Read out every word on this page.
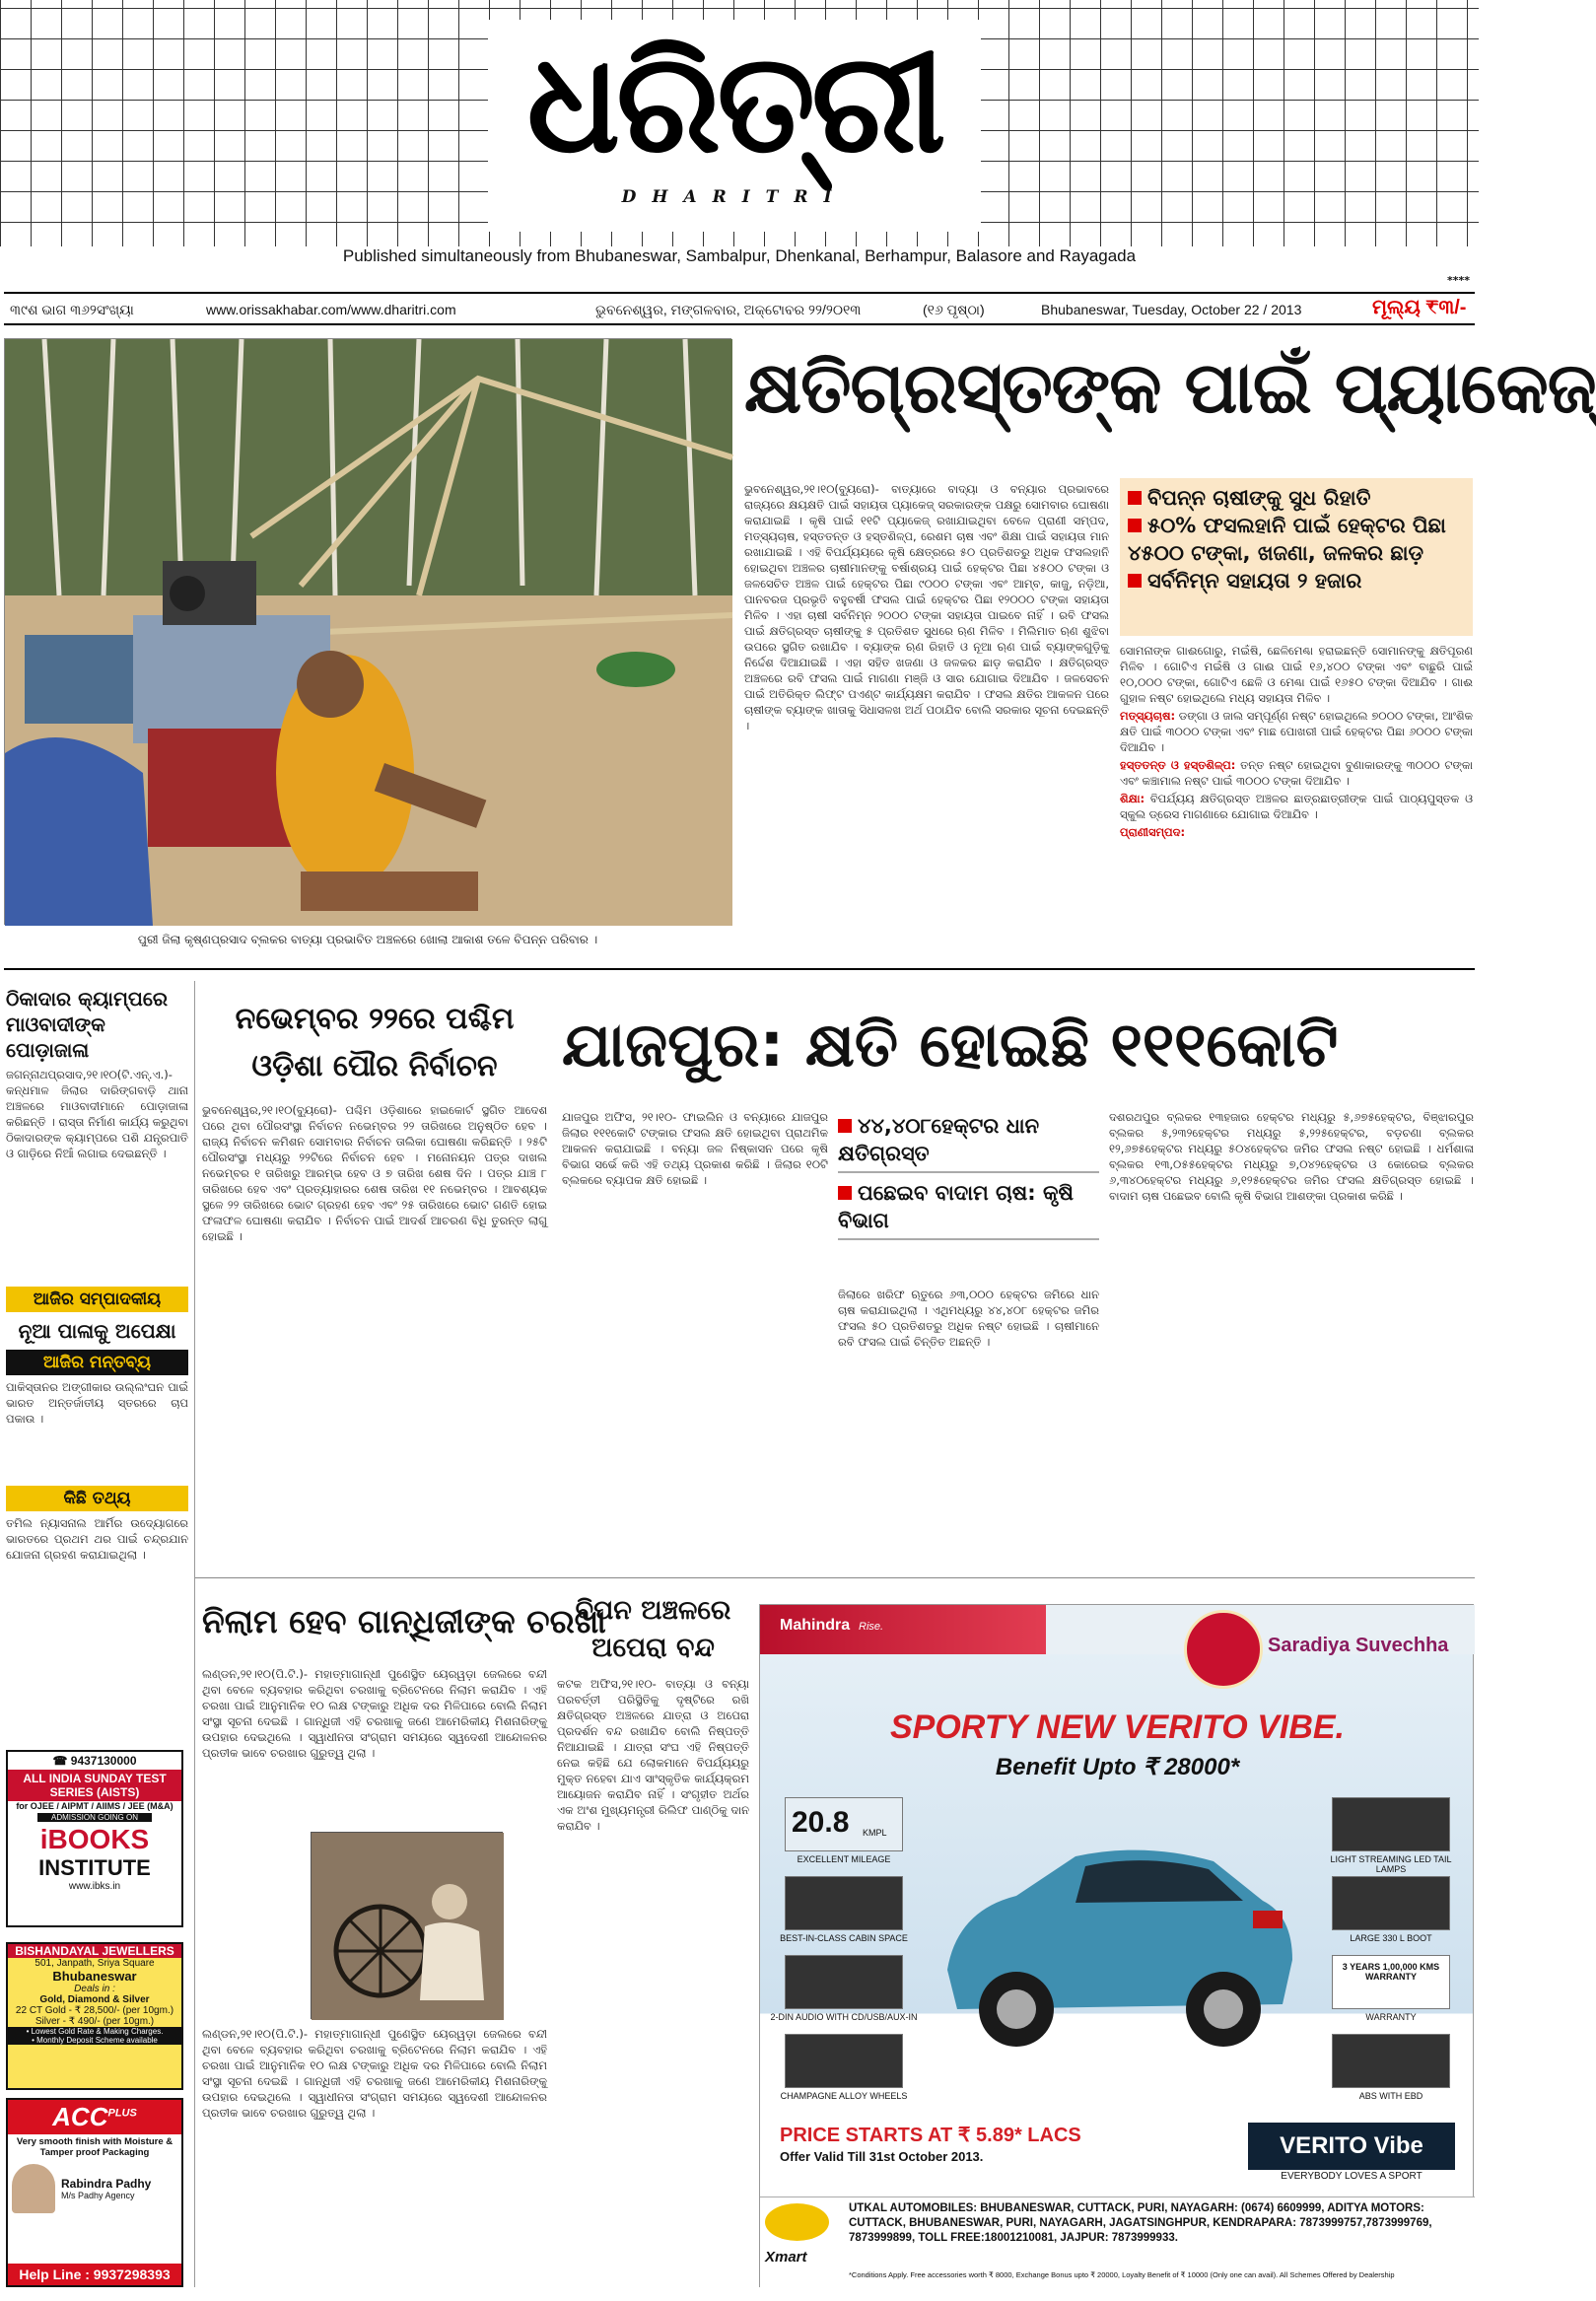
ଧରିତ୍ରୀ
DHARITRI
Published simultaneously from Bhubaneswar, Sambalpur, Dhenkanal, Berhampur, Balasore and Rayagada
****
୩୯ଶ ଭାଗ ୩୬୨ସଂଖ୍ୟା	www.orissakhabar.com/www.dharitri.com	ଭୁବନେଶ୍ୱର, ମଙ୍ଗଳବାର, ଅକ୍ଟୋବର ୨୨/୨୦୧୩	(୧୬ ପୃଷ୍ଠା)	Bhubaneswar, Tuesday, October 22 / 2013	ମୂଲ୍ୟ ₹୩/-
ପୁରୀ ଜିଲା କୃଷ୍ଣପ୍ରସାଦ ବ୍ଲକର ବାତ୍ୟା ପ୍ରଭାବିତ ଅଞ୍ଚଳରେ ଖୋଲା ଆକାଶ ତଳେ ବିପନ୍ନ ପରିବାର ।
କ୍ଷତିଗ୍ରସ୍ତଙ୍କ ପାଇଁ ପ୍ୟାକେଜ୍

ଭୁବନେଶ୍ୱର,୨୧।୧୦(ବ୍ୟୁରୋ)- ବାତ୍ୟାରେ ବାଦ୍ୟା ଓ ବନ୍ୟାର ପ୍ରଭାବରେ ରାଜ୍ୟରେ କ୍ଷୟକ୍ଷତି ପାଇଁ ସହାୟତା ପ୍ୟାକେଜ୍ ସରକାରଙ୍କ ପକ୍ଷରୁ ସୋମବାର ଘୋଷଣା କରାଯାଇଛି । କୃଷି ପାଇଁ ୧୧ଟି ପ୍ୟାକେଜ୍ ରଖାଯାଇଥିବା ବେଳେ ପ୍ରାଣୀ ସମ୍ପଦ, ମତ୍ସ୍ୟଚାଷ, ହସ୍ତତନ୍ତ ଓ ହସ୍ତଶିଳ୍ପ, ରେଶମ ଚାଷ ଏବଂ ଶିକ୍ଷା ପାଇଁ ସହାୟତା ମାନ ରଖାଯାଇଛି । ଏହି ବିପର୍ଯ୍ୟୟରେ କୃଷି କ୍ଷେତ୍ରରେ ୫୦ ପ୍ରତିଶତରୁ ଅଧିକ ଫସଲହାନି ହୋଇଥିବା ଅଞ୍ଚଳର ଚାଷୀମାନଙ୍କୁ ବର୍ଷାଶ୍ରୟ ପାଇଁ ହେକ୍ଟର ପିଛା ୪୫୦୦ ଟଙ୍କା ଓ ଜଳସେଚିତ ଅଞ୍ଚଳ ପାଇଁ ହେକ୍ଟର ପିଛା ୯୦୦୦ ଟଙ୍କା ଏବଂ ଆମ୍ବ, କାଜୁ, ନଡ଼ିଆ, ପାନବରଜ ପ୍ରଭୃତି ବହୁବର୍ଷୀ ଫସଲ ପାଇଁ ହେକ୍ଟର ପିଛା ୧୨୦୦୦ ଟଙ୍କା ସହାୟତା ମିଳିବ । ଏହା ଚାଷୀ ସର୍ବନିମ୍ନ ୨୦୦୦ ଟଙ୍କା ସହାୟତା ପାଇବେ ନାହିଁ । ରବି ଫସଲ ପାଇଁ କ୍ଷତିଗ୍ରସ୍ତ ଚାଷୀଙ୍କୁ ୫ ପ୍ରତିଶତ ସୁଧରେ ଋଣ ମିଳିବ । ମିଲିମାତ ଋଣ ଶୁଝିବା ଉପରେ ସ୍ଥଗିତ ରଖାଯିବ । ବ୍ୟାଙ୍କ ଋଣ ରିହାତି ଓ ନୂଆ ଋଣ ପାଇଁ ବ୍ୟାଙ୍କଗୁଡ଼ିକୁ ନିର୍ଦ୍ଦେଶ ଦିଆଯାଇଛି । ଏହା ସହିତ ଖଜଣା ଓ ଜଳକର ଛାଡ଼ କରାଯିବ । କ୍ଷତିଗ୍ରସ୍ତ ଅଞ୍ଚଳରେ ରବି ଫସଲ ପାଇଁ ମାଗଣା ମଞ୍ଜି ଓ ସାର ଯୋଗାଇ ଦିଆଯିବ । ଜଳସେଚନ ପାଇଁ ଅତିରିକ୍ତ ଲିଫ୍ଟ ପଏଣ୍ଟ କାର୍ଯ୍ୟକ୍ଷମ କରାଯିବ । ଫସଲ କ୍ଷତିର ଆକଳନ ପରେ ଚାଷୀଙ୍କ ବ୍ୟାଙ୍କ ଖାତାକୁ ସିଧାସଳଖ ଅର୍ଥ ପଠାଯିବ ବୋଲି ସରକାର ସୂଚନା ଦେଇଛନ୍ତି ।

ବିପନ୍ନ ଚାଷୀଙ୍କୁ ସୁଧ ରିହାତି
୫୦% ଫସଲହାନି ପାଇଁ ହେକ୍ଟର ପିଛା ୪୫୦୦ ଟଙ୍କା, ଖଜଣା, ଜଳକର ଛାଡ଼
ସର୍ବନିମ୍ନ ସହାୟତା ୨ ହଜାର

ସୋମନାଙ୍କ ଗାଈଗୋରୁ, ମଇଁଷି, ଛେଳିମେଣ୍ଢା ହରାଇଛନ୍ତି ସୋମାନଙ୍କୁ କ୍ଷତିପୂରଣ ମିଳିବ । ଗୋଟିଏ ମଇଁଷି ଓ ଗାଈ ପାଇଁ ୧୬,୪୦୦ ଟଙ୍କା ଏବଂ ବାଛୁରି ପାଇଁ ୧୦,୦୦୦ ଟଙ୍କା, ଗୋଟିଏ ଛେଳି ଓ ମେଣ୍ଢା ପାଇଁ ୧୬୫୦ ଟଙ୍କା ଦିଆଯିବ । ଗାଈ ଗୁହାଳ ନଷ୍ଟ ହୋଇଥିଲେ ମଧ୍ୟ ସହାୟତା ମିଳିବ ।

ମତ୍ସ୍ୟଚାଷ: ଡଙ୍ଗା ଓ ଜାଲ ସମ୍ପୂର୍ଣ୍ଣ ନଷ୍ଟ ହୋଇଥିଲେ ୭୦୦୦ ଟଙ୍କା, ଆଂଶିକ କ୍ଷତି ପାଇଁ ୩୦୦୦ ଟଙ୍କା ଏବଂ ମାଛ ପୋଖରୀ ପାଇଁ ହେକ୍ଟର ପିଛା ୬୦୦୦ ଟଙ୍କା ଦିଆଯିବ ।

ହସ୍ତତନ୍ତ ଓ ହସ୍ତଶିଳ୍ପ: ତନ୍ତ ନଷ୍ଟ ହୋଇଥିବା ବୁଣାକାରଙ୍କୁ ୩୦୦୦ ଟଙ୍କା ଏବଂ କଞ୍ଚାମାଲ ନଷ୍ଟ ପାଇଁ ୩୦୦୦ ଟଙ୍କା ଦିଆଯିବ ।

ଶିକ୍ଷା: ବିପର୍ଯ୍ୟୟ କ୍ଷତିଗ୍ରସ୍ତ ଅଞ୍ଚଳର ଛାତ୍ରଛାତ୍ରୀଙ୍କ ପାଇଁ ପାଠ୍ୟପୁସ୍ତକ ଓ ସ୍କୁଲ ଡ୍ରେସ ମାଗଣାରେ ଯୋଗାଇ ଦିଆଯିବ ।

ପ୍ରାଣୀସମ୍ପଦ:

ଠିକାଦାର କ୍ୟାମ୍ପରେ ମାଓବାଦୀଙ୍କ ପୋଡ଼ାଜାଳା
ଜଗନ୍ନାଥପ୍ରସାଦ,୨୧।୧୦(ଟି.ଏନ୍.ଏ.)- କନ୍ଧମାଳ ଜିଲାର ଦାରିଙ୍ଗବାଡ଼ି ଥାନା ଅଞ୍ଚଳରେ ମାଓବାଦୀମାନେ ପୋଡ଼ାଜାଳା କରିଛନ୍ତି । ରାସ୍ତା ନିର୍ମାଣ କାର୍ଯ୍ୟ କରୁଥିବା ଠିକାଦାରଙ୍କ କ୍ୟାମ୍ପରେ ପଶି ଯନ୍ତ୍ରପାତି ଓ ଗାଡ଼ିରେ ନିଆଁ ଲଗାଇ ଦେଇଛନ୍ତି ।
ଆଜିର ସମ୍ପାଦକୀୟ
ନୂଆ ପାଳାକୁ ଅପେକ୍ଷା
ଆଜିର ମନ୍ତବ୍ୟ
ପାକିସ୍ତାନର ଅଙ୍ଗୀକାର ଉଲ୍ଲଂଘନ ପାଇଁ ଭାରତ ଅନ୍ତର୍ଜାତୀୟ ସ୍ତରରେ ଚାପ ପକାଉ ।
କିଛି ତଥ୍ୟ
ତମିଲ ନ୍ୟାସନାଲ ଆର୍ମିର ଉଦ୍ୟୋଗରେ ଭାରତରେ ପ୍ରଥମ ଥର ପାଇଁ ଚନ୍ଦ୍ରଯାନ ଯୋଜନା ଗ୍ରହଣ କରାଯାଇଥିଲା ।
ନଭେମ୍ବର ୨୨ରେ ପଶ୍ଚିମ ଓଡ଼ିଶା ପୌର ନିର୍ବାଚନ
ଭୁବନେଶ୍ୱର,୨୧।୧୦(ବ୍ୟୁରୋ)- ପଶ୍ଚିମ ଓଡ଼ିଶାରେ ହାଇକୋର୍ଟ ସ୍ଥଗିତ ଆଦେଶ ପରେ ଥିବା ପୌରସଂସ୍ଥା ନିର୍ବାଚନ ନଭେମ୍ବର ୨୨ ତାରିଖରେ ଅନୁଷ୍ଠିତ ହେବ । ରାଜ୍ୟ ନିର୍ବାଚନ କମିଶନ ସୋମବାର ନିର୍ବାଚନ ତାଲିକା ଘୋଷଣା କରିଛନ୍ତି । ୨୫ଟି ପୌରସଂସ୍ଥା ମଧ୍ୟରୁ ୨୨ଟିରେ ନିର୍ବାଚନ ହେବ । ମନୋନୟନ ପତ୍ର ଦାଖଲ ନଭେମ୍ବର ୧ ତାରିଖରୁ ଆରମ୍ଭ ହେବ ଓ ୭ ତାରିଖ ଶେଷ ଦିନ । ପତ୍ର ଯାଞ୍ଚ ୮ ତାରିଖରେ ହେବ ଏବଂ ପ୍ରତ୍ୟାହାରର ଶେଷ ତାରିଖ ୧୧ ନଭେମ୍ବର । ଆବଶ୍ୟକ ସ୍ଥଳେ ୨୨ ତାରିଖରେ ଭୋଟ ଗ୍ରହଣ ହେବ ଏବଂ ୨୫ ତାରିଖରେ ଭୋଟ ଗଣତି ହୋଇ ଫଳାଫଳ ଘୋଷଣା କରାଯିବ । ନିର୍ବାଚନ ପାଇଁ ଆଦର୍ଶ ଆଚରଣ ବିଧି ତୁରନ୍ତ ଲାଗୁ ହୋଇଛି ।
ଯାଜପୁର: କ୍ଷତି ହୋଇଛି ୧୧୧କୋଟି
ଯାଜପୁର ଅଫିସ, ୨୧।୧୦- ଫାଇଲିନ ଓ ବନ୍ୟାରେ ଯାଜପୁର ଜିଲାର ୧୧୧କୋଟି ଟଙ୍କାର ଫସଲ କ୍ଷତି ହୋଇଥିବା ପ୍ରାଥମିକ ଆକଳନ କରାଯାଇଛି । ବନ୍ୟା ଜଳ ନିଷ୍କାସନ ପରେ କୃଷି ବିଭାଗ ସର୍ଭେ କରି ଏହି ତଥ୍ୟ ପ୍ରକାଶ କରିଛି । ଜିଲାର ୧୦ଟି ବ୍ଲକରେ ବ୍ୟାପକ କ୍ଷତି ହୋଇଛି ।
୪୪,୪୦୮ହେକ୍ଟର ଧାନ କ୍ଷତିଗ୍ରସ୍ତ
ପଛେଇବ ବାଦାମ ଚାଷ: କୃଷି ବିଭାଗ
ଜିଲାରେ ଖରିଫ ଋତୁରେ ୬୩,୦୦୦ ହେକ୍ଟର ଜମିରେ ଧାନ ଚାଷ କରାଯାଇଥିଲା । ଏଥିମଧ୍ୟରୁ ୪୪,୪୦୮ ହେକ୍ଟର ଜମିର ଫସଲ ୫୦ ପ୍ରତିଶତରୁ ଅଧିକ ନଷ୍ଟ ହୋଇଛି । ଚାଷୀମାନେ ରବି ଫସଲ ପାଇଁ ଚିନ୍ତିତ ଅଛନ୍ତି ।
ଦଶରଥପୁର ବ୍ଲକର ୧୩ହଜାର ହେକ୍ଟର ମଧ୍ୟରୁ ୫,୬୭୫ହେକ୍ଟର, ବିଞ୍ଝାରପୁର ବ୍ଲକର ୫,୨୩୨ହେକ୍ଟର ମଧ୍ୟରୁ ୫,୨୨୫ହେକ୍ଟର, ବଡ଼ଚଣା ବ୍ଲକର ୧୨,୬୭୫ହେକ୍ଟର ମଧ୍ୟରୁ ୫୦୪ହେକ୍ଟର ଜମିର ଫସଲ ନଷ୍ଟ ହୋଇଛି । ଧର୍ମଶାଳା ବ୍ଲକର ୧୩,୦୫୫ହେକ୍ଟର ମଧ୍ୟରୁ ୭,୦୪୨ହେକ୍ଟର ଓ କୋରେଇ ବ୍ଲକର ୬,୩୪୦ହେକ୍ଟର ମଧ୍ୟରୁ ୬,୧୨୫ହେକ୍ଟର ଜମିର ଫସଲ କ୍ଷତିଗ୍ରସ୍ତ ହୋଇଛି । ବାଦାମ ଚାଷ ପଛେଇବ ବୋଲି କୃଷି ବିଭାଗ ଆଶଙ୍କା ପ୍ରକାଶ କରିଛି ।
ନିଲାମ ହେବ ଗାନ୍ଧିଜୀଙ୍କ ଚରଖା
ଲଣ୍ଡନ,୨୧।୧୦(ପି.ଟି.)- ମହାତ୍ମାଗାନ୍ଧୀ ପୁଣେସ୍ଥିତ ୟେରୱଡ଼ା ଜେଲରେ ବନ୍ଦୀ ଥିବା ବେଳେ ବ୍ୟବହାର କରିଥିବା ଚରଖାକୁ ବ୍ରିଟେନରେ ନିଲାମ କରାଯିବ । ଏହି ଚରଖା ପାଇଁ ଆନୁମାନିକ ୧୦ ଲକ୍ଷ ଟଙ୍କାରୁ ଅଧିକ ଦର ମିଳିପାରେ ବୋଲି ନିଲାମ ସଂସ୍ଥା ସୂଚନା ଦେଇଛି । ଗାନ୍ଧିଜୀ ଏହି ଚରଖାକୁ ଜଣେ ଆମେରିକୀୟ ମିଶନାରିଙ୍କୁ ଉପହାର ଦେଇଥିଲେ । ସ୍ୱାଧୀନତା ସଂଗ୍ରାମ ସମୟରେ ସ୍ୱଦେଶୀ ଆନ୍ଦୋଳନର ପ୍ରତୀକ ଭାବେ ଚରଖାର ଗୁରୁତ୍ୱ ଥିଲା ।
ଲଣ୍ଡନ,୨୧।୧୦(ପି.ଟି.)- ମହାତ୍ମାଗାନ୍ଧୀ ପୁଣେସ୍ଥିତ ୟେରୱଡ଼ା ଜେଲରେ ବନ୍ଦୀ ଥିବା ବେଳେ ବ୍ୟବହାର କରିଥିବା ଚରଖାକୁ ବ୍ରିଟେନରେ ନିଲାମ କରାଯିବ । ଏହି ଚରଖା ପାଇଁ ଆନୁମାନିକ ୧୦ ଲକ୍ଷ ଟଙ୍କାରୁ ଅଧିକ ଦର ମିଳିପାରେ ବୋଲି ନିଲାମ ସଂସ୍ଥା ସୂଚନା ଦେଇଛି । ଗାନ୍ଧିଜୀ ଏହି ଚରଖାକୁ ଜଣେ ଆମେରିକୀୟ ମିଶନାରିଙ୍କୁ ଉପହାର ଦେଇଥିଲେ । ସ୍ୱାଧୀନତା ସଂଗ୍ରାମ ସମୟରେ ସ୍ୱଦେଶୀ ଆନ୍ଦୋଳନର ପ୍ରତୀକ ଭାବେ ଚରଖାର ଗୁରୁତ୍ୱ ଥିଲା ।
ବିପନ ଅଞ୍ଚଳରେ ଅପେରା ବନ୍ଦ
କଟକ ଅଫିସ,୨୧।୧୦- ବାତ୍ୟା ଓ ବନ୍ୟା ପରବର୍ତ୍ତୀ ପରିସ୍ଥିତିକୁ ଦୃଷ୍ଟିରେ ରଖି କ୍ଷତିଗ୍ରସ୍ତ ଅଞ୍ଚଳରେ ଯାତ୍ରା ଓ ଅପେରା ପ୍ରଦର୍ଶନ ବନ୍ଦ ରଖାଯିବ ବୋଲି ନିଷ୍ପତ୍ତି ନିଆଯାଇଛି । ଯାତ୍ରା ସଂଘ ଏହି ନିଷ୍ପତ୍ତି ନେଇ କହିଛି ଯେ ଲୋକମାନେ ବିପର୍ଯ୍ୟୟରୁ ମୁକ୍ତ ନହେବା ଯାଏ ସାଂସ୍କୃତିକ କାର୍ଯ୍ୟକ୍ରମ ଆୟୋଜନ କରାଯିବ ନାହିଁ । ସଂଗୃହୀତ ଅର୍ଥର ଏକ ଅଂଶ ମୁଖ୍ୟମନ୍ତ୍ରୀ ରିଲିଫ ପାଣ୍ଠିକୁ ଦାନ କରାଯିବ ।
Mahindra Rise.
Saradiya Suvechha
SPORTY NEW VERITO VIBE.
Benefit Upto ₹ 28000*
20.8 KMPL
EXCELLENT MILEAGE
BEST-IN-CLASS CABIN SPACE
2-DIN AUDIO WITH CD/USB/AUX-IN
CHAMPAGNE ALLOY WHEELS
LIGHT STREAMING LED TAIL LAMPS
LARGE 330 L BOOT
3 YEARS 1,00,000 KMS WARRANTY
WARRANTY
ABS WITH EBD
PRICE STARTS AT ₹ 5.89* LACS
Offer Valid Till 31st October 2013.	VERITO Vibe
EVERYBODY LOVES A SPORT
Xmart
UTKAL AUTOMOBILES: BHUBANESWAR, CUTTACK, PURI, NAYAGARH: (0674) 6609999, ADITYA MOTORS: CUTTACK, BHUBANESWAR, PURI, NAYAGARH, JAGATSINGHPUR, KENDRAPARA: 7873999757,7873999769, 7873999899, TOLL FREE:18001210081, JAJPUR: 7873999933.
*Conditions Apply. Free accessories worth ₹ 8000, Exchange Bonus upto ₹ 20000, Loyalty Benefit of ₹ 10000 (Only one can avail). All Schemes Offered by Dealership
☎ 9437130000
ALL INDIA SUNDAY TEST SERIES (AISTS)
for OJEE / AIPMT / AIIMS / JEE (M&A)
ADMISSION GOING ON
iBOOKS
INSTITUTE
www.ibks.in
BISHANDAYAL JEWELLERS
501, Janpath, Sriya Square
Bhubaneswar
Deals in :
Gold, Diamond & Silver
22 CT Gold - ₹ 28,500/- (per 10gm.)
Silver - ₹ 490/- (per 10gm.)
• Lowest Gold Rate & Making Charges.
• Monthly Deposit Scheme available
$ACC^{PLUS}$
Very smooth finish with Moisture & Tamper proof Packaging
Rabindra Padhy
M/s Padhy Agency
Help Line : 9937298393
